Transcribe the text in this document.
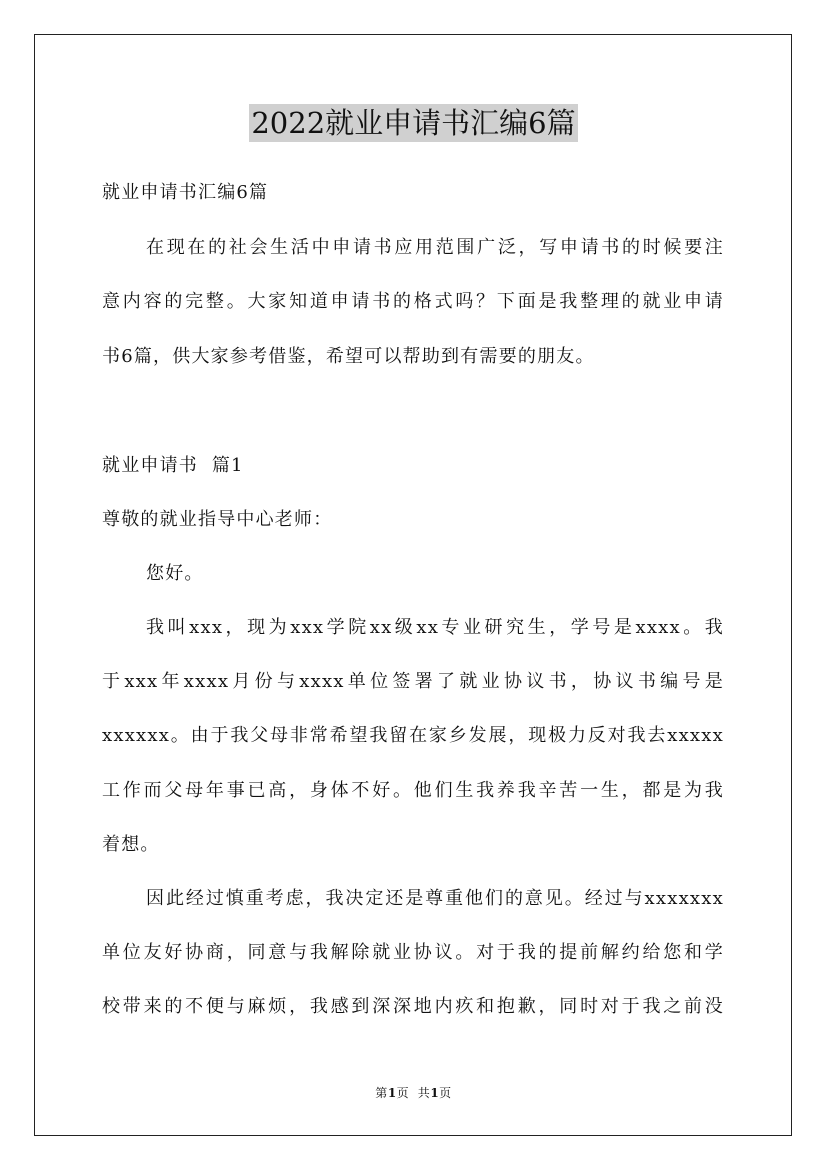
2022就业申请书汇编6篇
就业申请书汇编6篇
在现在的社会生活中申请书应用范围广泛，写申请书的时候要注
意内容的完整。大家知道申请书的格式吗？下面是我整理的就业申请
书6篇，供大家参考借鉴，希望可以帮助到有需要的朋友。
就业申请书  篇1
尊敬的就业指导中心老师：
您好。
我叫xxx，现为xxx学院xx级xx专业研究生，学号是xxxx。我
于xxx年xxxx月份与xxxx单位签署了就业协议书，协议书编号是
xxxxxx。由于我父母非常希望我留在家乡发展，现极力反对我去xxxxx
工作而父母年事已高，身体不好。他们生我养我辛苦一生，都是为我
着想。
因此经过慎重考虑，我决定还是尊重他们的意见。经过与xxxxxxx
单位友好协商，同意与我解除就业协议。对于我的提前解约给您和学
校带来的不便与麻烦，我感到深深地内疚和抱歉，同时对于我之前没
第1页  共1页
